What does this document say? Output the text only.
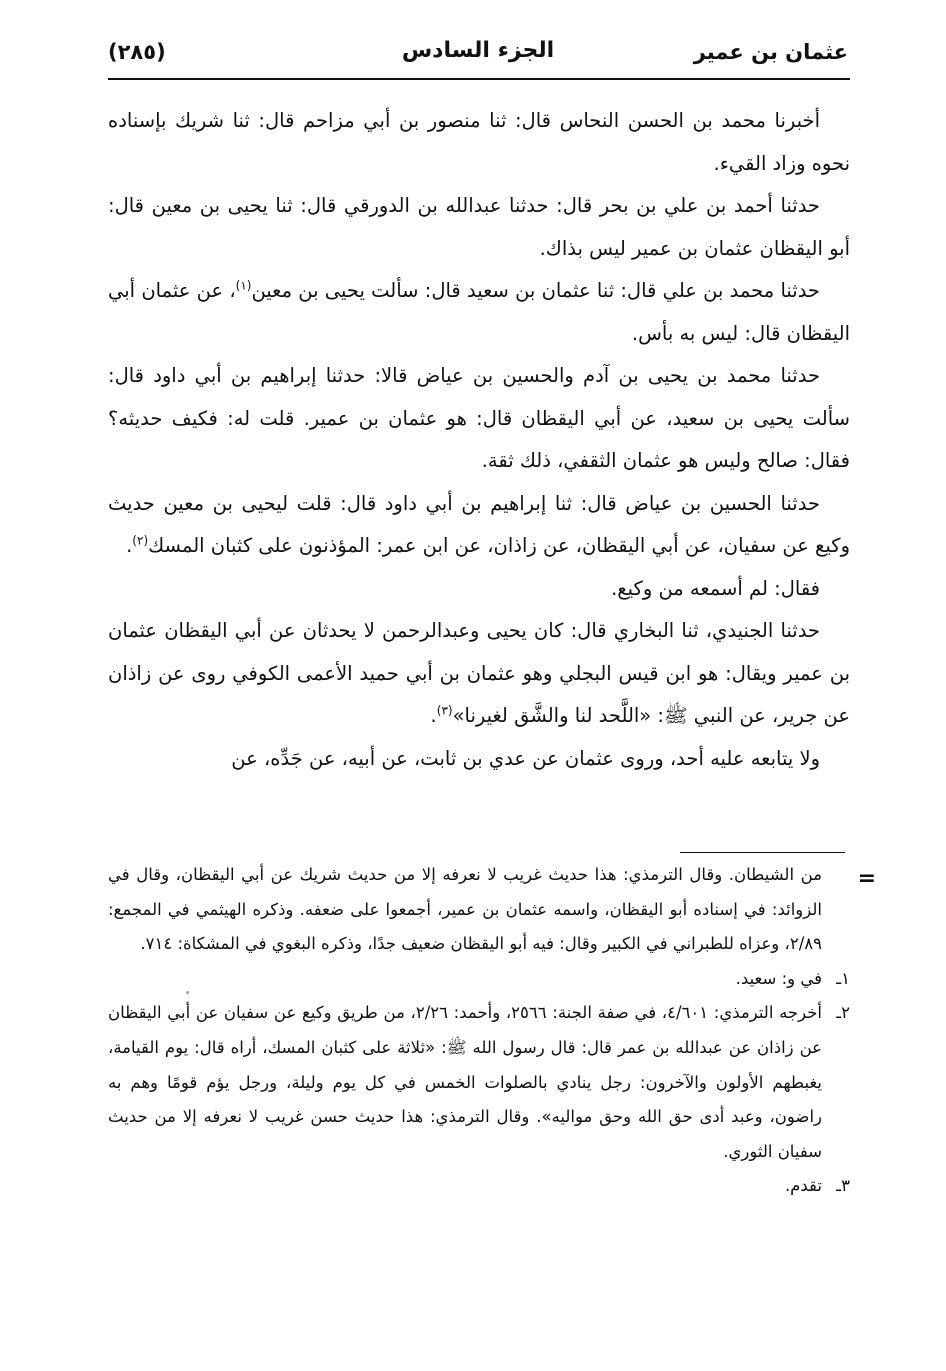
عثمان بن عمير
الجزء السادس
(٢٨٥)

أخبرنا محمد بن الحسن النحاس قال: ثنا منصور بن أبي مزاحم قال: ثنا شريك بإسناده نحوه وزاد القيء.

حدثنا أحمد بن علي بن بحر قال: حدثنا عبدالله بن الدورقي قال: ثنا يحيى بن معين قال: أبو اليقظان عثمان بن عمير ليس بذاك.

حدثنا محمد بن علي قال: ثنا عثمان بن سعيد قال: سألت يحيى بن معين$^{(١)}$، عن عثمان أبي اليقظان قال: ليس به بأس.

حدثنا محمد بن يحيى بن آدم والحسين بن عياض قالا: حدثنا إبراهيم بن أبي داود قال: سألت يحيى بن سعيد، عن أبي اليقظان قال: هو عثمان بن عمير. قلت له: فكيف حديثه؟ فقال: صالح وليس هو عثمان الثقفي، ذلك ثقة.

حدثنا الحسين بن عياض قال: ثنا إبراهيم بن أبي داود قال: قلت ليحيى بن معين حديث وكيع عن سفيان، عن أبي اليقظان، عن زاذان، عن ابن عمر: المؤذنون على كثبان المسك$^{(٢)}$.

فقال: لم أسمعه من وكيع.

حدثنا الجنيدي، ثنا البخاري قال: كان يحيى وعبدالرحمن لا يحدثان عن أبي اليقظان عثمان بن عمير ويقال: هو ابن قيس البجلي وهو عثمان بن أبي حميد الأعمى الكوفي روى عن زاذان عن جرير، عن النبي ﷺ: «اللَّحد لنا والشَّق لغيرنا»$^{(٣)}$.

ولا يتابعه عليه أحد، وروى عثمان عن عدي بن ثابت، عن أبيه، عن جَدِّه، عن

=

من الشيطان. وقال الترمذي: هذا حديث غريب لا نعرفه إلا من حديث شريك عن أبي اليقظان، وقال في الزوائد: في إسناده أبو اليقظان، واسمه عثمان بن عمير، أجمعوا على ضعفه. وذكره الهيثمي في المجمع: ٢/٨٩، وعزاه للطبراني في الكبير وقال: فيه أبو اليقظان ضعيف جدًا، وذكره البغوي في المشكاة: ٧١٤.

١ـفي و: سعيد.

٢ـأخرجه الترمذي: ٤/٦٠١، في صفة الجنة: ٢٥٦٦، وأحمد: ٢/٢٦، من طريق وكيع عن سفيان عن أبي اليقظان عن زاذان عن عبدالله بن عمر قال: قال رسول الله ﷺ: «ثلاثة على كثبان المسك، أراه قال: يوم القيامة، يغبطهم الأولون والآخرون: رجل ينادي بالصلوات الخمس في كل يوم وليلة، ورجل يؤم قومًا وهم به راضون، وعبد أدى حق الله وحق مواليه». وقال الترمذي: هذا حديث حسن غريب لا نعرفه إلا من حديث سفيان الثوري.

٣ـتقدم.
